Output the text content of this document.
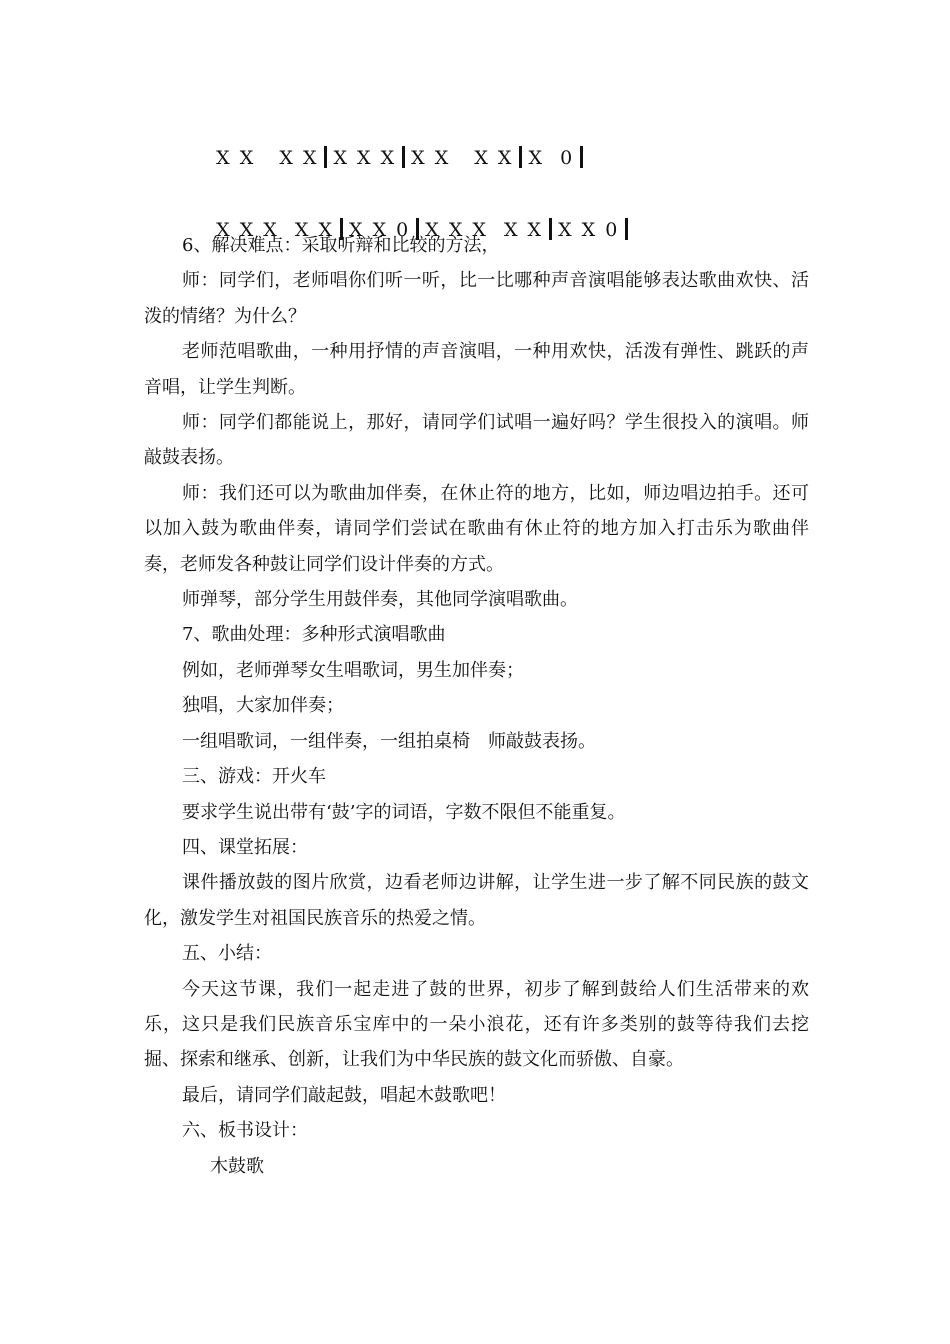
X X   X X X X X X X   X X X  0

X X X  X X X X 0 X X X  X X X X 0

6、解决难点：采取听辩和比较的方法，

师：同学们，老师唱你们听一听，比一比哪种声音演唱能够表达歌曲欢快、活泼的情绪？为什么？

老师范唱歌曲，一种用抒情的声音演唱，一种用欢快，活泼有弹性、跳跃的声音唱，让学生判断。

师：同学们都能说上，那好，请同学们试唱一遍好吗？学生很投入的演唱。师敲鼓表扬。

师：我们还可以为歌曲加伴奏，在休止符的地方，比如，师边唱边拍手。还可以加入鼓为歌曲伴奏，请同学们尝试在歌曲有休止符的地方加入打击乐为歌曲伴奏，老师发各种鼓让同学们设计伴奏的方式。

师弹琴，部分学生用鼓伴奏，其他同学演唱歌曲。

7、歌曲处理：多种形式演唱歌曲

例如，老师弹琴女生唱歌词，男生加伴奏；

独唱，大家加伴奏；

一组唱歌词，一组伴奏，一组拍桌椅　师敲鼓表扬。

三、游戏：开火车

要求学生说出带有‘鼓’字的词语，字数不限但不能重复。

四、课堂拓展：

课件播放鼓的图片欣赏，边看老师边讲解，让学生进一步了解不同民族的鼓文化，激发学生对祖国民族音乐的热爱之情。

五、小结：

今天这节课，我们一起走进了鼓的世界，初步了解到鼓给人们生活带来的欢乐，这只是我们民族音乐宝库中的一朵小浪花，还有许多类别的鼓等待我们去挖掘、探索和继承、创新，让我们为中华民族的鼓文化而骄傲、自豪。

最后，请同学们敲起鼓，唱起木鼓歌吧！

六、板书设计：

木鼓歌
